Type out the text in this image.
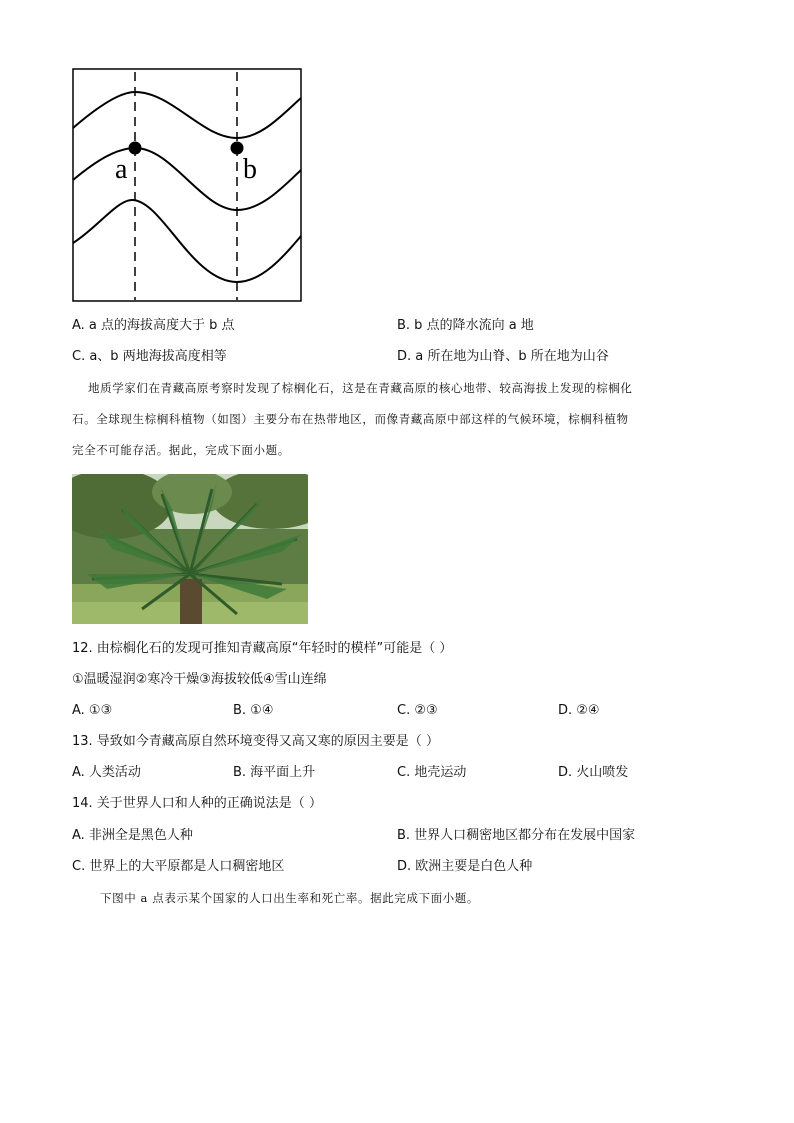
a	b
A. a 点的海拔高度大于 b 点	B. b 点的降水流向 a 地
C. a、b 两地海拔高度相等	D. a 所在地为山脊、b 所在地为山谷
地质学家们在青藏高原考察时发现了棕榈化石，这是在青藏高原的核心地带、较高海拔上发现的棕榈化
石。全球现生棕榈科植物（如图）主要分布在热带地区，而像青藏高原中部这样的气候环境，棕榈科植物
完全不可能存活。据此，完成下面小题。
12. 由棕榈化石的发现可推知青藏高原“年轻时的模样”可能是（ ）
①温暖湿润②寒冷干燥③海拔较低④雪山连绵
A. ①③	B. ①④	C. ②③	D. ②④
13. 导致如今青藏高原自然环境变得又高又寒的原因主要是（ ）
A. 人类活动	B. 海平面上升	C. 地壳运动	D. 火山喷发
14. 关于世界人口和人种的正确说法是（ ）
A. 非洲全是黑色人种	B. 世界人口稠密地区都分布在发展中国家
C. 世界上的大平原都是人口稠密地区	D. 欧洲主要是白色人种
下图中 a 点表示某个国家的人口出生率和死亡率。据此完成下面小题。
